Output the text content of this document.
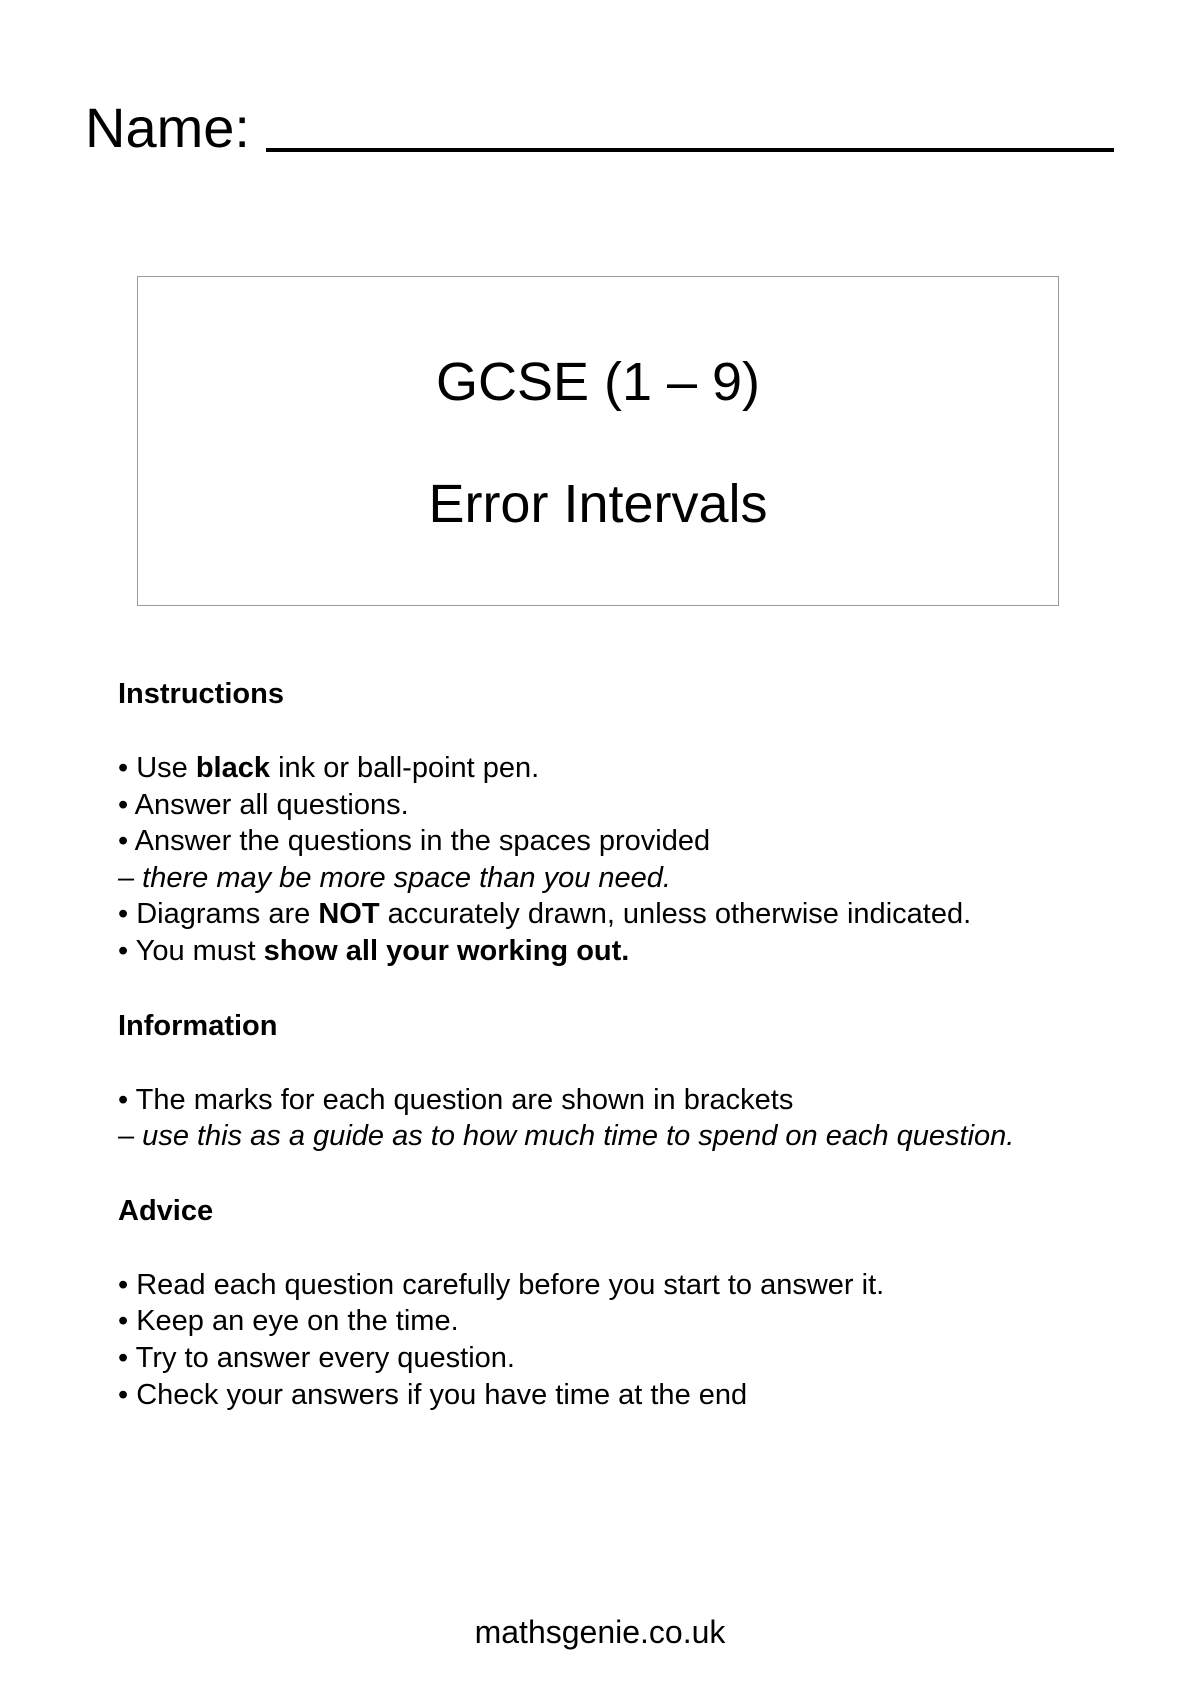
Name:
GCSE (1 – 9)
Error Intervals
Instructions
• Use black ink or ball-point pen.
• Answer all questions.
• Answer the questions in the spaces provided
– there may be more space than you need.
• Diagrams are NOT accurately drawn, unless otherwise indicated.
• You must show all your working out.
Information
• The marks for each question are shown in brackets
– use this as a guide as to how much time to spend on each question.
Advice
• Read each question carefully before you start to answer it.
• Keep an eye on the time.
• Try to answer every question.
• Check your answers if you have time at the end
mathsgenie.co.uk
